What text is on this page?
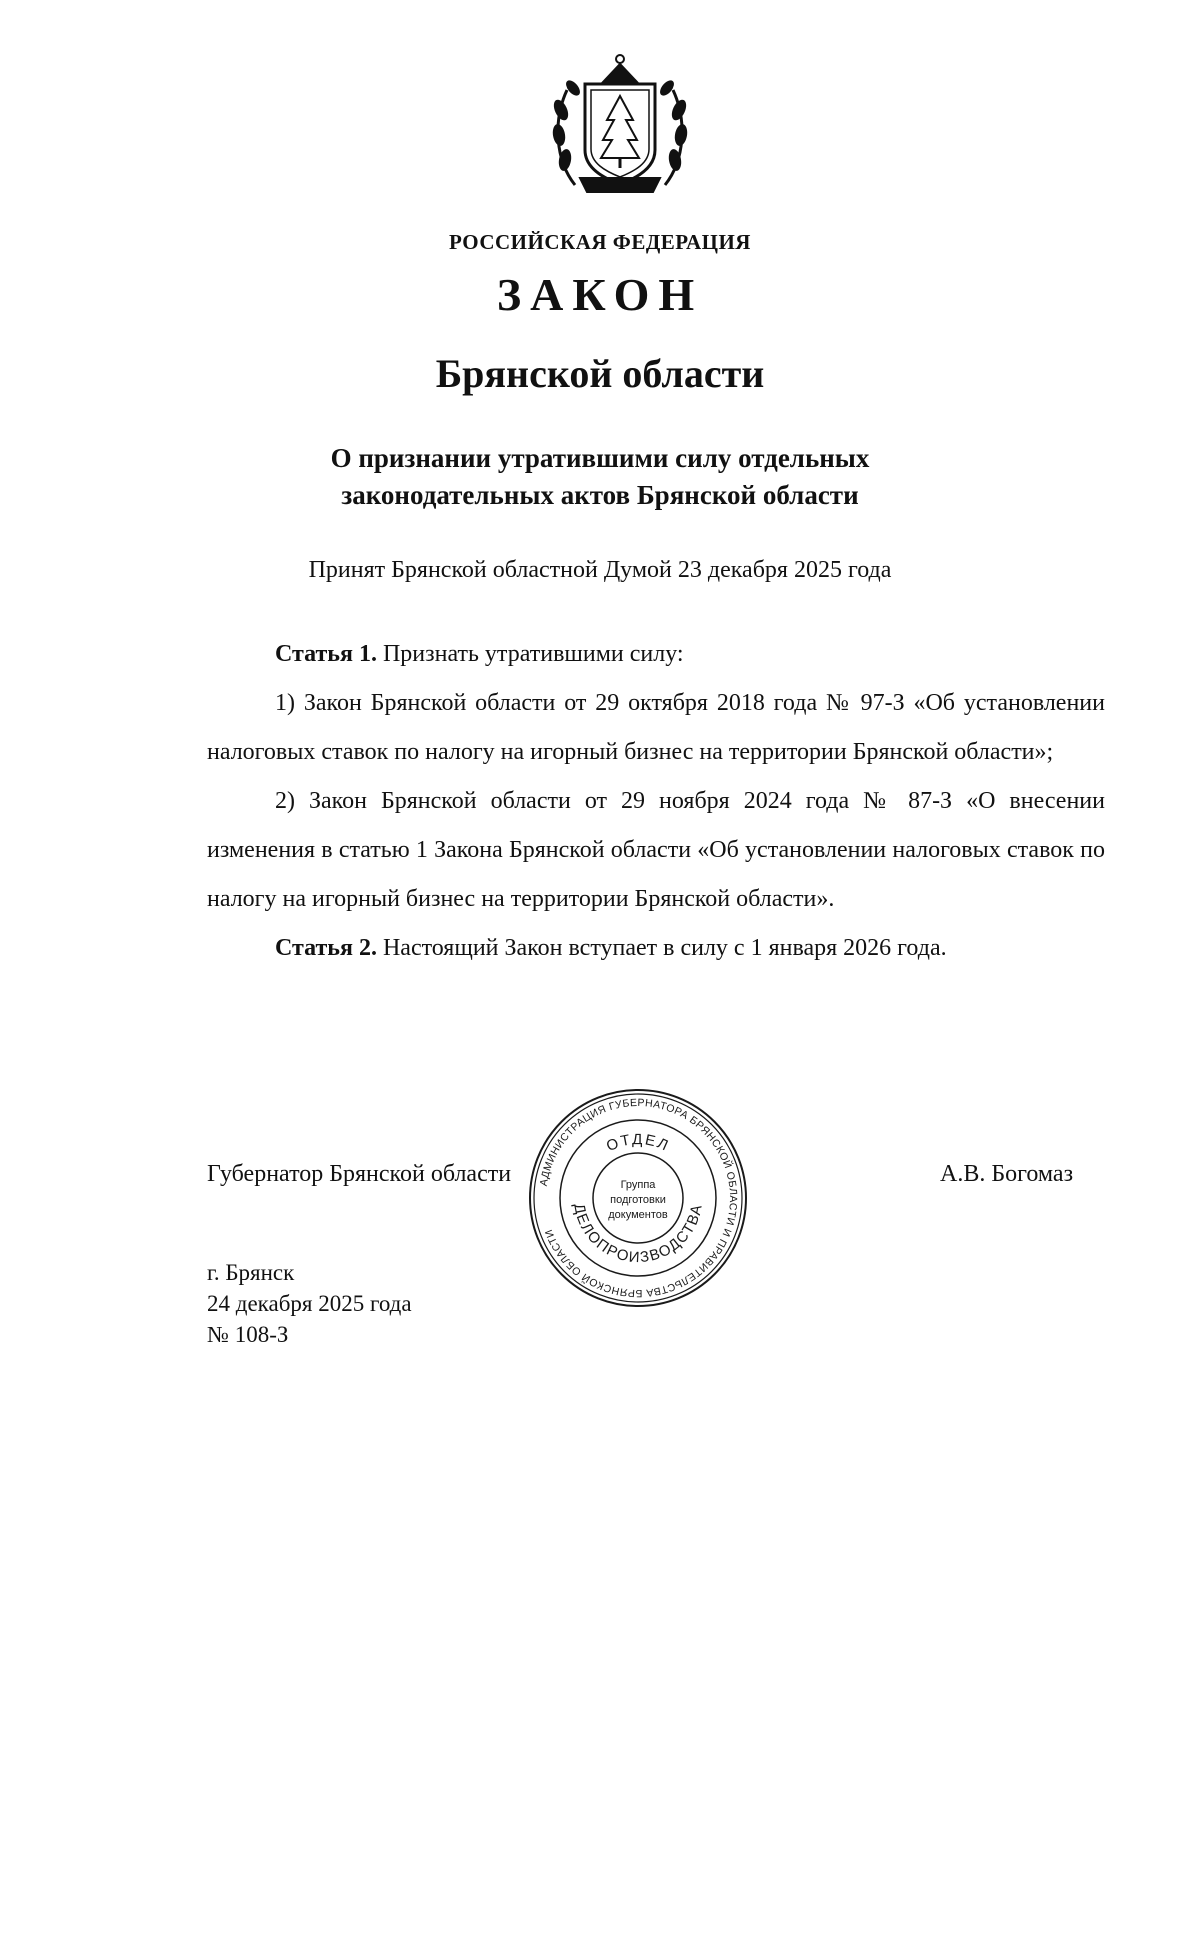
РОССИЙСКАЯ ФЕДЕРАЦИЯ
ЗАКОН
Брянской области
О признании утратившими силу отдельных
законодательных актов Брянской области
Принят Брянской областной Думой 23 декабря 2025 года

Статья 1. Признать утратившими силу:

1) Закон Брянской области от 29 октября 2018 года № 97-З «Об установлении налоговых ставок по налогу на игорный бизнес на территории Брянской области»;

2) Закон Брянской области от 29 ноября 2024 года № 87-З «О внесении изменения в статью 1 Закона Брянской области «Об установлении налоговых ставок по налогу на игорный бизнес на территории Брянской области».

Статья 2. Настоящий Закон вступает в силу с 1 января 2026 года.

Губернатор Брянской области	А.В. Богомаз
г. Брянск
24 декабря 2025 года
№ 108-З
АДМИНИСТРАЦИЯ ГУБЕРНАТОРА БРЯНСКОЙ ОБЛАСТИ И ПРАВИТЕЛЬСТВА БРЯНСКОЙ ОБЛАСТИ
ОТДЕЛ
ДЕЛОПРОИЗВОДСТВА
Группа
подготовки
документов
